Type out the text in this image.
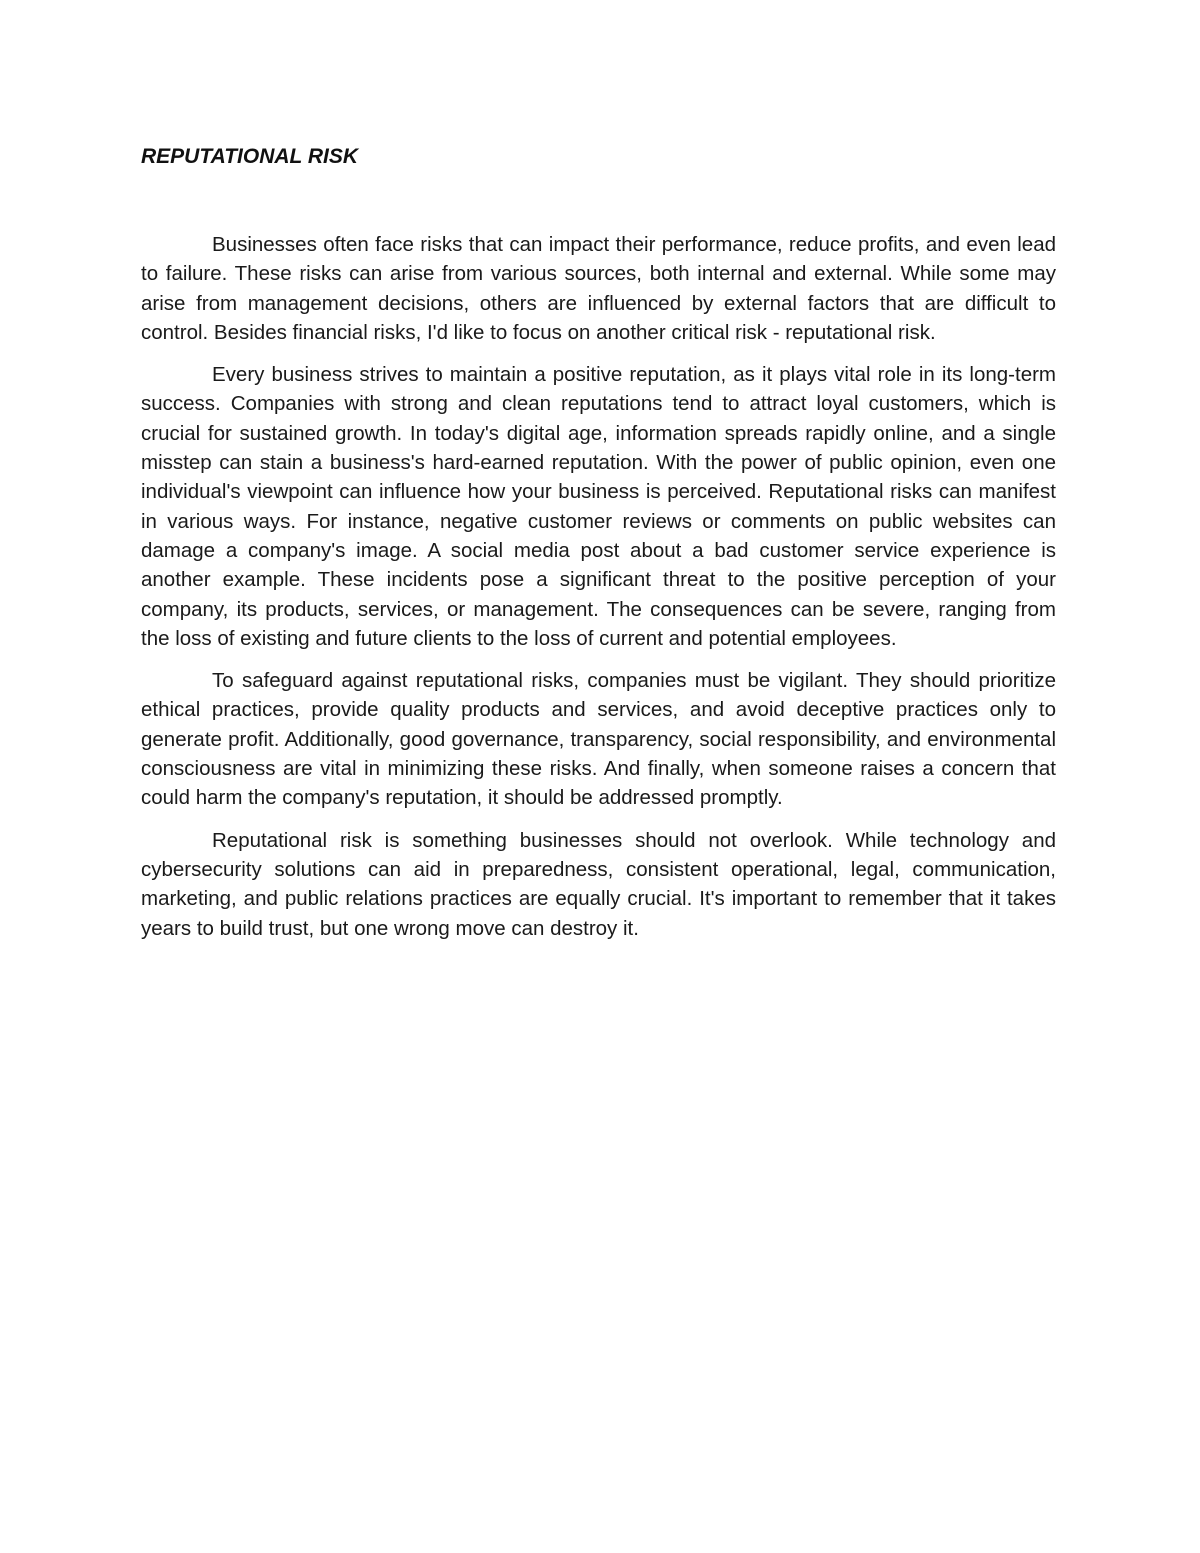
REPUTATIONAL RISK

Businesses often face risks that can impact their performance, reduce profits, and even lead to failure. These risks can arise from various sources, both internal and external. While some may arise from management decisions, others are influenced by external factors that are difficult to control. Besides financial risks, I'd like to focus on another critical risk - reputational risk.

Every business strives to maintain a positive reputation, as it plays vital role in its long-term success. Companies with strong and clean reputations tend to attract loyal customers, which is crucial for sustained growth. In today's digital age, information spreads rapidly online, and a single misstep can stain a business's hard-earned reputation. With the power of public opinion, even one individual's viewpoint can influence how your business is perceived. Reputational risks can manifest in various ways. For instance, negative customer reviews or comments on public websites can damage a company's image. A social media post about a bad customer service experience is another example. These incidents pose a significant threat to the positive perception of your company, its products, services, or management. The consequences can be severe, ranging from the loss of existing and future clients to the loss of current and potential employees.

To safeguard against reputational risks, companies must be vigilant. They should prioritize ethical practices, provide quality products and services, and avoid deceptive practices only to generate profit. Additionally, good governance, transparency, social responsibility, and environmental consciousness are vital in minimizing these risks. And finally, when someone raises a concern that could harm the company's reputation, it should be addressed promptly.

Reputational risk is something businesses should not overlook. While technology and cybersecurity solutions can aid in preparedness, consistent operational, legal, communication, marketing, and public relations practices are equally crucial. It's important to remember that it takes years to build trust, but one wrong move can destroy it.
